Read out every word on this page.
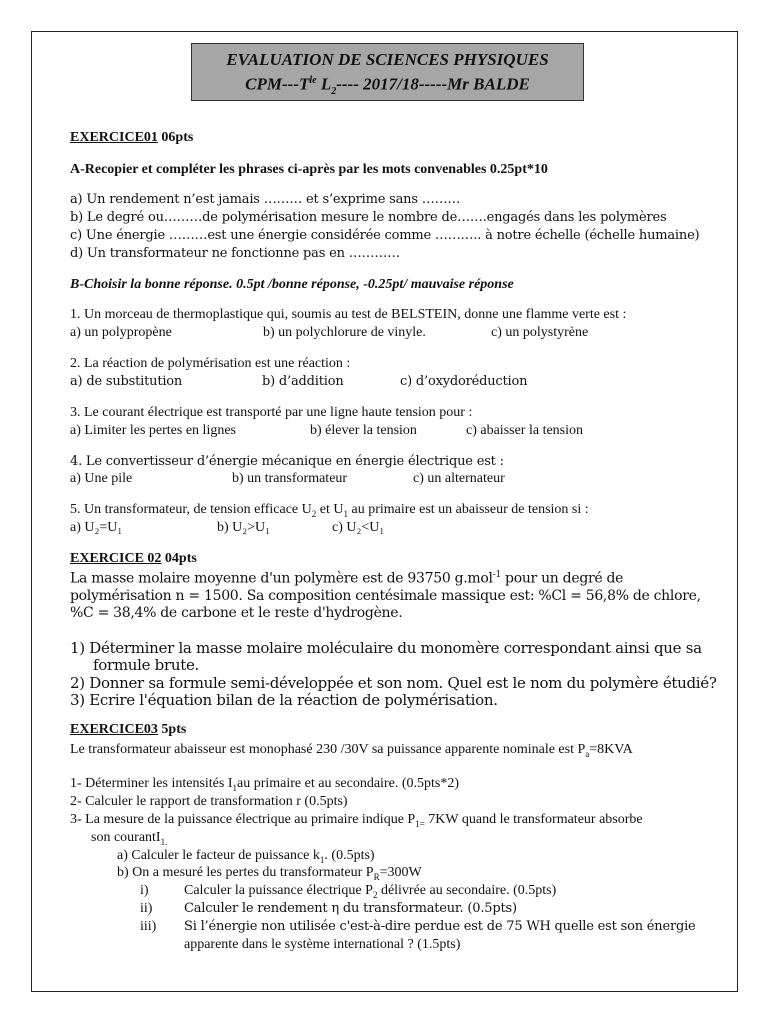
EVALUATION DE SCIENCES PHYSIQUES
CPM-$--T^{le}$ $L_2----$ 2017/18-----Mr BALDE
EXERCICE01 06pts
A-Recopier et compléter les phrases ci-après par les mots convenables 0.25pt*10
a) Un rendement n’est jamais ……… et s’exprime sans ………
b) Le degré ou………de polymérisation mesure le nombre de…….engagés dans les polymères
c) Une énergie ………est une énergie considérée comme ……….. à notre échelle (échelle humaine)
d) Un transformateur ne fonctionne pas en …………
B-Choisir la bonne réponse. 0.5pt /bonne réponse, -0.25pt/ mauvaise réponse
1. Un morceau de thermoplastique qui, soumis au test de BELSTEIN, donne une flamme verte est :
a) un polypropène	b) un polychlorure de vinyle.	c) un polystyrène
2. La réaction de polymérisation est une réaction :
a) de substitution	b) d’addition	c) d’oxydoréduction
3. Le courant électrique est transporté par une ligne haute tension pour :
a) Limiter les pertes en lignes	b) élever la tension	c) abaisser la tension
4. Le convertisseur d’énergie mécanique en énergie électrique est :
a) Une pile	b) un transformateur	c) un alternateur
5. Un transformateur, de tension efficace $U_2$ et $U_1$ au primaire est un abaisseur de tension si :
a) U₂=U₁	b) U₂>U₁	c) U₂<U₁
EXERCICE 02 04pts
La masse molaire moyenne d'un polymère est de 93750 g.mol$^{-1}$ pour un degré de
polymérisation n = 1500. Sa composition centésimale massique est: %Cl = 56,8% de chlore,
%C = 38,4% de carbone et le reste d'hydrogène.
1) Déterminer la masse molaire moléculaire du monomère correspondant ainsi que sa
formule brute.
2) Donner sa formule semi-développée et son nom. Quel est le nom du polymère étudié?
3) Ecrire l'équation bilan de la réaction de polymérisation.
EXERCICE03 5pts
Le transformateur abaisseur est monophasé 230 /30V sa puissance apparente nominale est $P_a=8KVA$
1- Déterminer les intensités $I_1au$ primaire et au secondaire. (0.5pts*2)
2- Calculer le rapport de transformation r (0.5pts)
3- La mesure de la puissance électrique au primaire indique $P_{1=}$ 7KW quand le transformateur absorbe
son courantI$_{1.}$
a) Calculer le facteur de puissance $k_1$. (0.5pts)
b) On a mesuré les pertes du transformateur $P_R=300W$
i)	Calculer la puissance électrique $P_2$ délivrée au secondaire. (0.5pts)
ii) Calculer le rendement η du transformateur. (0.5pts)
iii) Si l’énergie non utilisée c'est-à-dire perdue est de 75 WH quelle est son énergie
apparente dans le système international ? (1.5pts)
